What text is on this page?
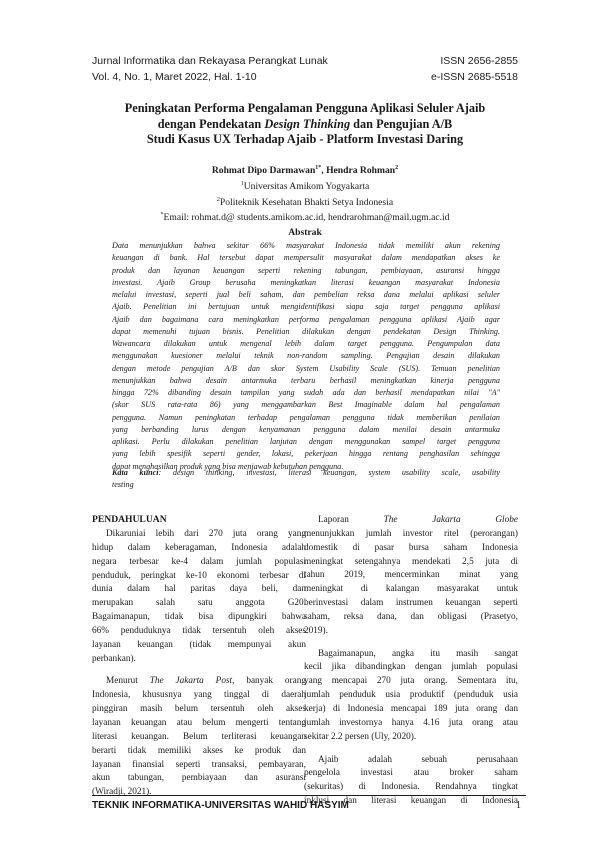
Jurnal Informatika dan Rekayasa Perangkat Lunak
Vol. 4, No. 1, Maret 2022, Hal. 1-10
ISSN 2656-2855
e-ISSN 2685-5518
Peningkatan Performa Pengalaman Pengguna Aplikasi Seluler Ajaib
dengan Pendekatan Design Thinking dan Pengujian A/B
Studi Kasus UX Terhadap Ajaib - Platform Investasi Daring
Rohmat Dipo Darmawan$^{1*}$, Hendra Rohman$^2$
$^1$Universitas Amikom Yogyakarta
$^2$Politeknik Kesehatan Bhakti Setya Indonesia
*Email: rohmat.d@ students.amikom.ac.id, hendrarohman@mail.ugm.ac.id
Abstrak
Data menunjukkan bahwa sekitar 66% masyarakat Indonesia tidak memiliki akun rekening
keuangan di bank. Hal tersebut dapat mempersulit masyarakat dalam mendapatkan akses ke
produk dan layanan keuangan seperti rekening tabungan, pembiayaan, asuransi hingga
investasi. Ajaib Group berusaha meningkatkan literasi keuangan masyarakat Indonesia
melalui investasi, seperti jual beli saham, dan pembelian reksa dana melalui aplikasi seluler
Ajaib. Penelitian ini bertujuan untuk mengidentifikasi siapa saja target pengguna aplikasi
Ajaib dan bagaimana cara meningkatkan performa pengalaman pengguna aplikasi Ajaib agar
dapat memenuhi tujuan bisnis. Penelitian dilakukan dengan pendekatan Design Thinking.
Wawancara dilakukan untuk mengenal lebih dalam target pengguna. Pengumpulan data
menggunakan kuesioner melalui teknik non-random sampling. Pengujian desain dilakukan
dengan metode pengujian A/B dan skor System Usability Scale (SUS). Temuan penelitian
menunjukkan bahwa desain antarmuka terbaru berhasil meningkatkan kinerja pengguna
hingga 72% dibanding desain tampilan yang sudah ada dan berhasil mendapatkan nilai "A"
(skor SUS rata-rata 86) yang menggambarkan Best Imaginable dalam hal pengalaman
pengguna. Namun peningkatan terhadap pengalaman pengguna tidak memberikan penilaian
yang berbanding lurus dengan kenyamanan pengguna dalam menilai desain antarmuka
aplikasi. Perlu dilakukan penelitian lanjutan dengan menggunakan sampel target pengguna
yang lebih spesifik seperti gender, lokasi, pekerjaan hingga rentang penghasilan sehingga
dapat menghasilkan produk yang bisa menjawab kebutuhan pengguna.
Kata kunci: design thinking, investasi, literasi keuangan, system usability scale, usability
testing
PENDAHULUAN
Dikaruniai lebih dari 270 juta orang yang
hidup dalam keberagaman, Indonesia adalah
negara terbesar ke-4 dalam jumlah populasi
penduduk, peringkat ke-10 ekonomi terbesar di
dunia dalam hal paritas daya beli, dan
merupakan salah satu anggota G20.
Bagaimanapun, tidak bisa dipungkiri bahwa
66% penduduknya tidak tersentuh oleh akses
layanan keuangan (tidak mempunyai akun
perbankan).
Menurut The Jakarta Post, banyak orang
Indonesia, khususnya yang tinggal di daerah
pinggiran masih belum tersentuh oleh akses
layanan keuangan atau belum mengerti tentang
literasi keuangan. Belum terliterasi keuangan
berarti tidak memiliki akses ke produk dan
layanan finansial seperti transaksi, pembayaran,
akun tabungan, pembiayaan dan asuransi
(Wiradji, 2021).
Laporan The Jakarta Globe
menunjukkan jumlah investor ritel (perorangan)
domestik di pasar bursa saham Indonesia
meningkat setengahnya mendekati 2,5 juta di
tahun 2019, mencerminkan minat yang
meningkat di kalangan masyarakat untuk
berinvestasi dalam instrumen keuangan seperti
saham, reksa dana, dan obligasi (Prasetyo,
2019).
Bagaimanapun, angka itu masih sangat
kecil jika dibandingkan dengan jumlah populasi
yang mencapai 270 juta orang. Sementara itu,
jumlah penduduk usia produktif (penduduk usia
kerja) di Indonesia mencapai 189 juta orang dan
jumlah investornya hanya 4.16 juta orang atau
sekitar 2.2 persen (Uly, 2020).
Ajaib adalah sebuah perusahaan
pengelola investasi atau broker saham
(sekuritas) di Indonesia. Rendahnya tingkat
inklusi dan literasi keuangan di Indonesia
TEKNIK INFORMATIKA-UNIVERSITAS WAHID HASYIM	1
